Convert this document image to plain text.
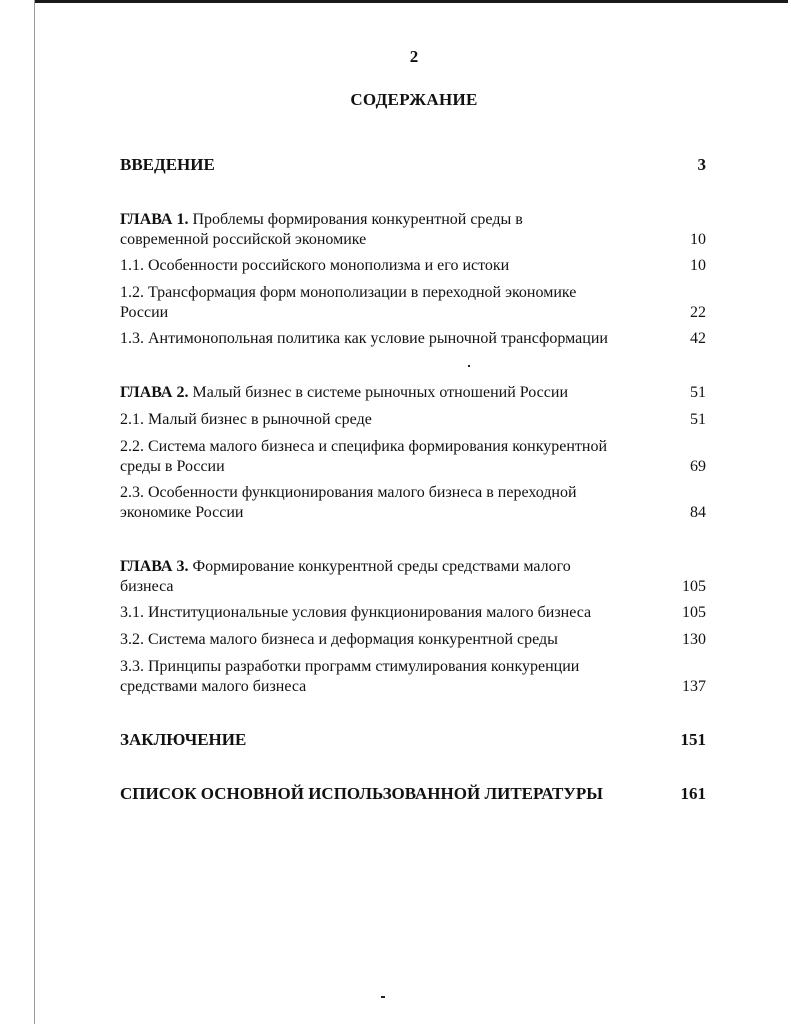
2
СОДЕРЖАНИЕ
ВВЕДЕНИЕ	3
ГЛАВА 1. Проблемы формирования конкурентной среды в
современной российской экономике	10
1.1. Особенности российского монополизма и его истоки	10
1.2. Трансформация форм монополизации в переходной экономике
России	22
1.3. Антимонопольная политика как условие рыночной трансформации	42
ГЛАВА 2. Малый бизнес в системе рыночных отношений России	51
2.1. Малый бизнес в рыночной среде	51
2.2. Система малого бизнеса и специфика формирования конкурентной
среды в России	69
2.3. Особенности функционирования малого бизнеса в переходной
экономике России	84
ГЛАВА 3. Формирование конкурентной среды средствами малого
бизнеса	105
3.1. Институциональные условия функционирования малого бизнеса	105
3.2. Система малого бизнеса и деформация конкурентной среды	130
3.3. Принципы разработки программ стимулирования конкуренции
средствами малого бизнеса	137
ЗАКЛЮЧЕНИЕ	151
СПИСОК ОСНОВНОЙ ИСПОЛЬЗОВАННОЙ ЛИТЕРАТУРЫ	161
